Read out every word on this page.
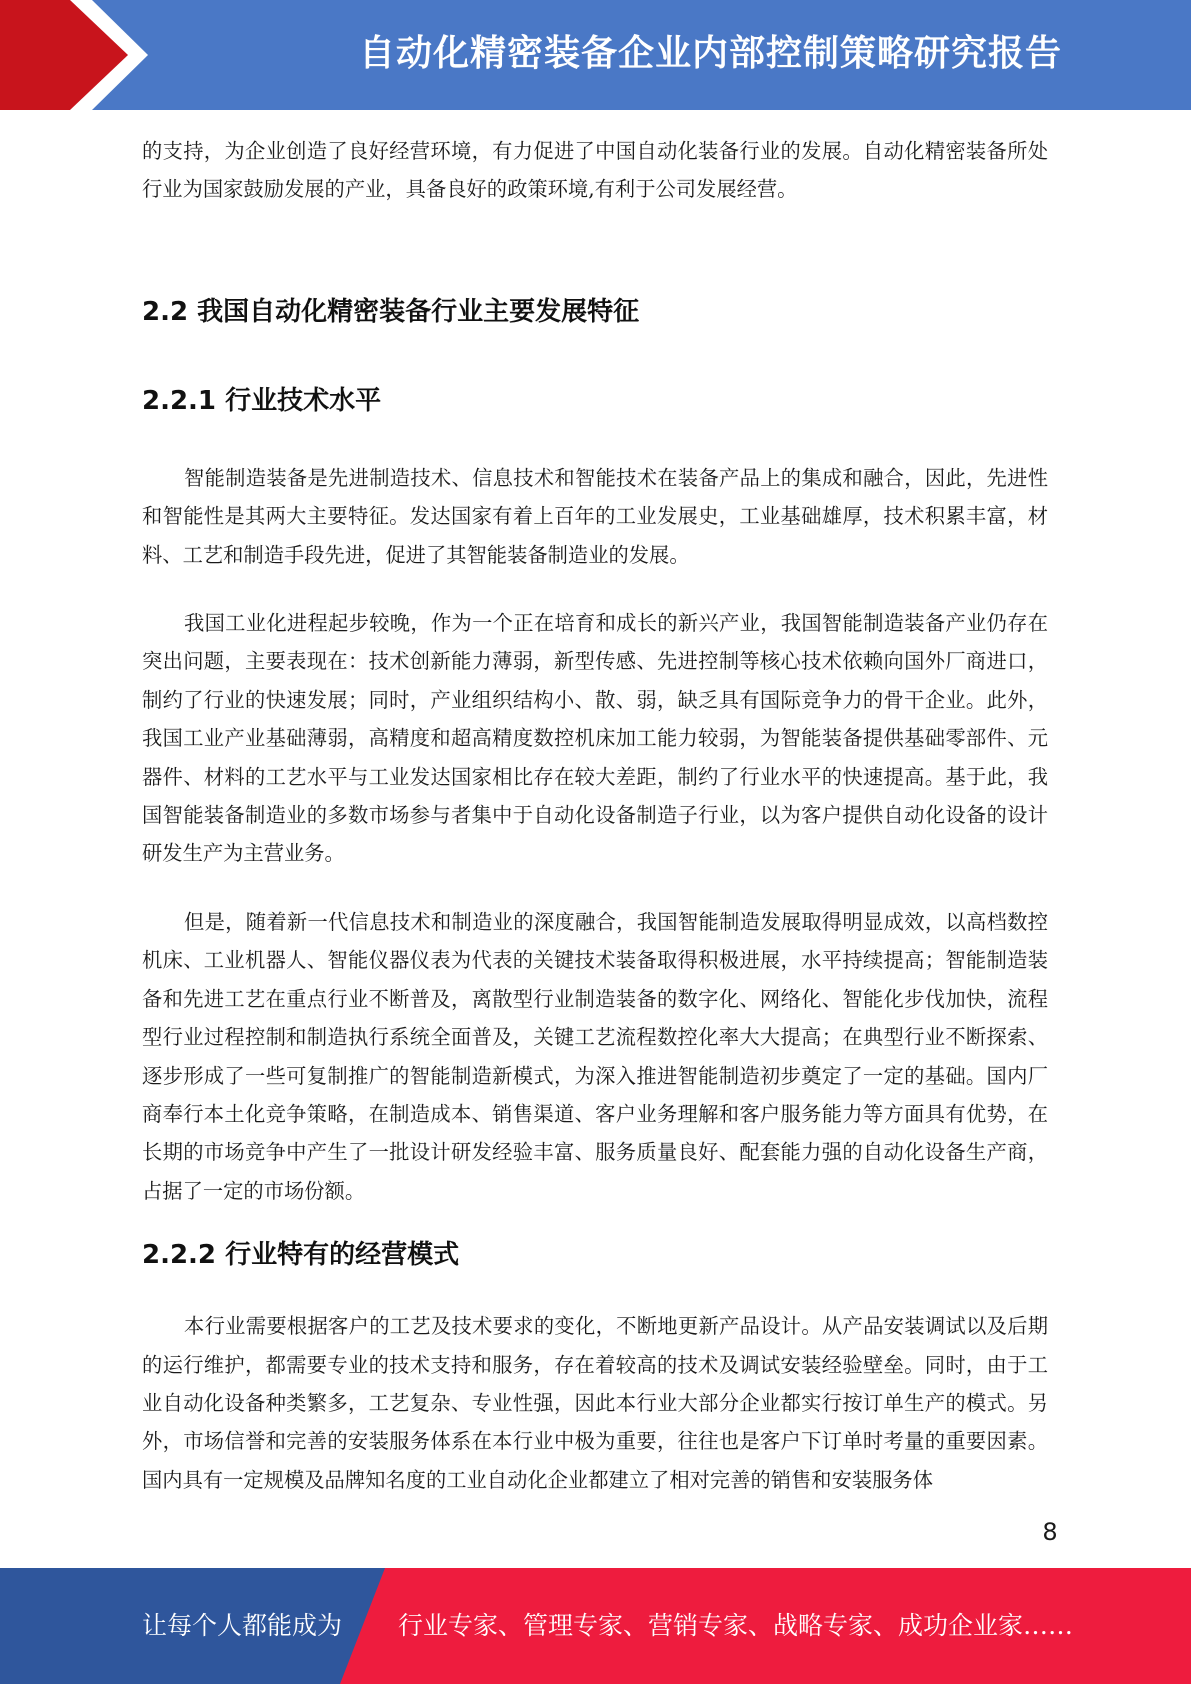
自动化精密装备企业内部控制策略研究报告

的支持，为企业创造了良好经营环境，有力促进了中国自动化装备行业的发展。自动化精密装备所处行业为国家鼓励发展的产业，具备良好的政策环境,有利于公司发展经营。

2.2 我国自动化精密装备行业主要发展特征
2.2.1 行业技术水平

智能制造装备是先进制造技术、信息技术和智能技术在装备产品上的集成和融合，因此，先进性和智能性是其两大主要特征。发达国家有着上百年的工业发展史，工业基础雄厚，技术积累丰富，材料、工艺和制造手段先进，促进了其智能装备制造业的发展。

我国工业化进程起步较晚，作为一个正在培育和成长的新兴产业，我国智能制造装备产业仍存在突出问题，主要表现在：技术创新能力薄弱，新型传感、先进控制等核心技术依赖向国外厂商进口，制约了行业的快速发展；同时，产业组织结构小、散、弱，缺乏具有国际竞争力的骨干企业。此外，我国工业产业基础薄弱，高精度和超高精度数控机床加工能力较弱，为智能装备提供基础零部件、元器件、材料的工艺水平与工业发达国家相比存在较大差距，制约了行业水平的快速提高。基于此，我国智能装备制造业的多数市场参与者集中于自动化设备制造子行业，以为客户提供自动化设备的设计研发生产为主营业务。

但是，随着新一代信息技术和制造业的深度融合，我国智能制造发展取得明显成效，以高档数控机床、工业机器人、智能仪器仪表为代表的关键技术装备取得积极进展，水平持续提高；智能制造装备和先进工艺在重点行业不断普及，离散型行业制造装备的数字化、网络化、智能化步伐加快，流程型行业过程控制和制造执行系统全面普及，关键工艺流程数控化率大大提高；在典型行业不断探索、逐步形成了一些可复制推广的智能制造新模式，为深入推进智能制造初步奠定了一定的基础。国内厂商奉行本土化竞争策略，在制造成本、销售渠道、客户业务理解和客户服务能力等方面具有优势，在长期的市场竞争中产生了一批设计研发经验丰富、服务质量良好、配套能力强的自动化设备生产商，占据了一定的市场份额。

2.2.2 行业特有的经营模式

本行业需要根据客户的工艺及技术要求的变化，不断地更新产品设计。从产品安装调试以及后期的运行维护，都需要专业的技术支持和服务，存在着较高的技术及调试安装经验壁垒。同时，由于工业自动化设备种类繁多，工艺复杂、专业性强，因此本行业大部分企业都实行按订单生产的模式。另外，市场信誉和完善的安装服务体系在本行业中极为重要，往往也是客户下订单时考量的重要因素。国内具有一定规模及品牌知名度的工业自动化企业都建立了相对完善的销售和安装服务体

8
让每个人都能成为 行业专家、管理专家、营销专家、战略专家、成功企业家……
